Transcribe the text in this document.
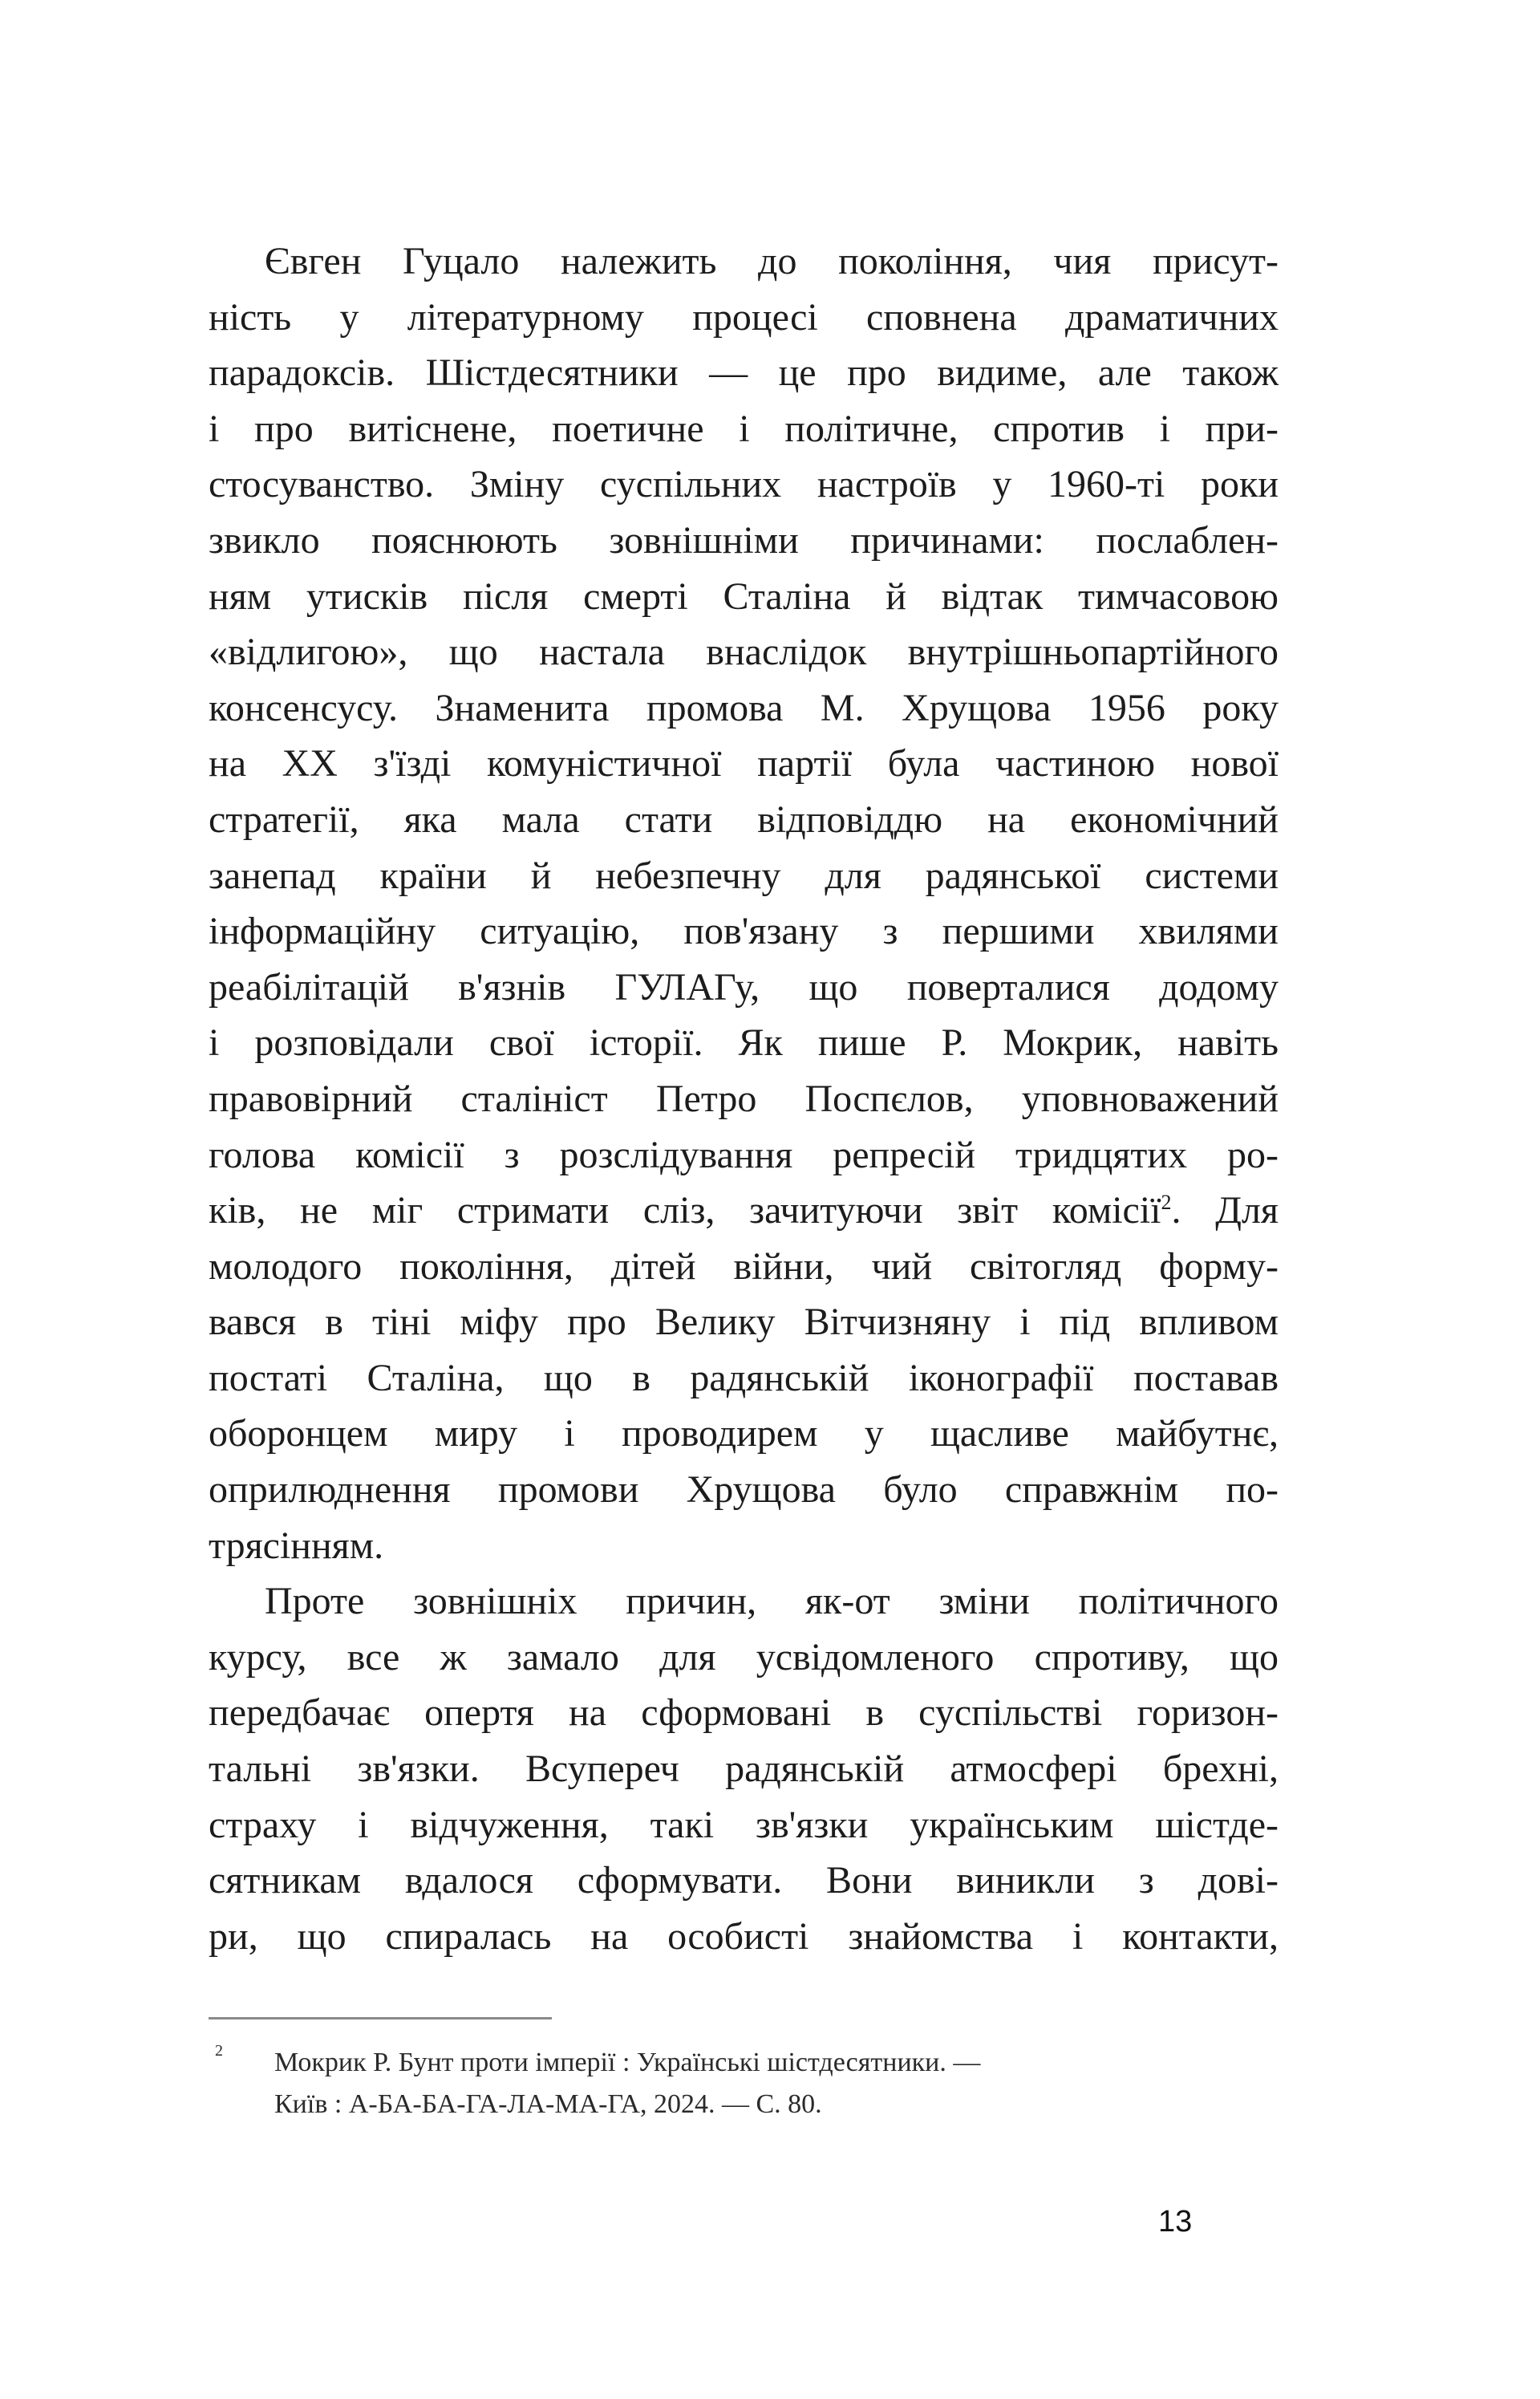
Євген Гуцало належить до покоління, чия присут-
ність у літературному процесі сповнена драматичних
парадоксів. Шістдесятники — це про видиме, але також
і про витіснене, поетичне і політичне, спротив і при-
стосуванство. Зміну суспільних настроїв у 1960-ті роки
звикло пояснюють зовнішніми причинами: послаблен-
ням утисків після смерті Сталіна й відтак тимчасовою
«відлигою», що настала внаслідок внутрішньопартійного
консенсусу. Знаменита промова М. Хрущова 1956 року
на XX з'їзді комуністичної партії була частиною нової
стратегії, яка мала стати відповіддю на економічний
занепад країни й небезпечну для радянської системи
інформаційну ситуацію, пов'язану з першими хвилями
реабілітацій в'язнів ГУЛАГу, що поверталися додому
і розповідали свої історії. Як пише Р. Мокрик, навіть
правовірний сталініст Петро Поспєлов, уповноважений
голова комісії з розслідування репресій тридцятих ро-
ків, не міг стримати сліз, зачитуючи звіт комісії$^2$. Для
молодого покоління, дітей війни, чий світогляд форму-
вався в тіні міфу про Велику Вітчизняну і під впливом
постаті Сталіна, що в радянській іконографії поставав
оборонцем миру і проводирем у щасливе майбутнє,
оприлюднення промови Хрущова було справжнім по-
трясінням.
Проте зовнішніх причин, як-от зміни політичного
курсу, все ж замало для усвідомленого спротиву, що
передбачає опертя на сформовані в суспільстві горизон-
тальні зв'язки. Всупереч радянській атмосфері брехні,
страху і відчуження, такі зв'язки українським шістде-
сятникам вдалося сформувати. Вони виникли з дові-
ри, що спиралась на особисті знайомства і контакти,
2 Мокрик Р. Бунт проти імперії : Українські шістдесятники. —
Київ : А-БА-БА-ГА-ЛА-МА-ГА, 2024. — С. 80.
13
